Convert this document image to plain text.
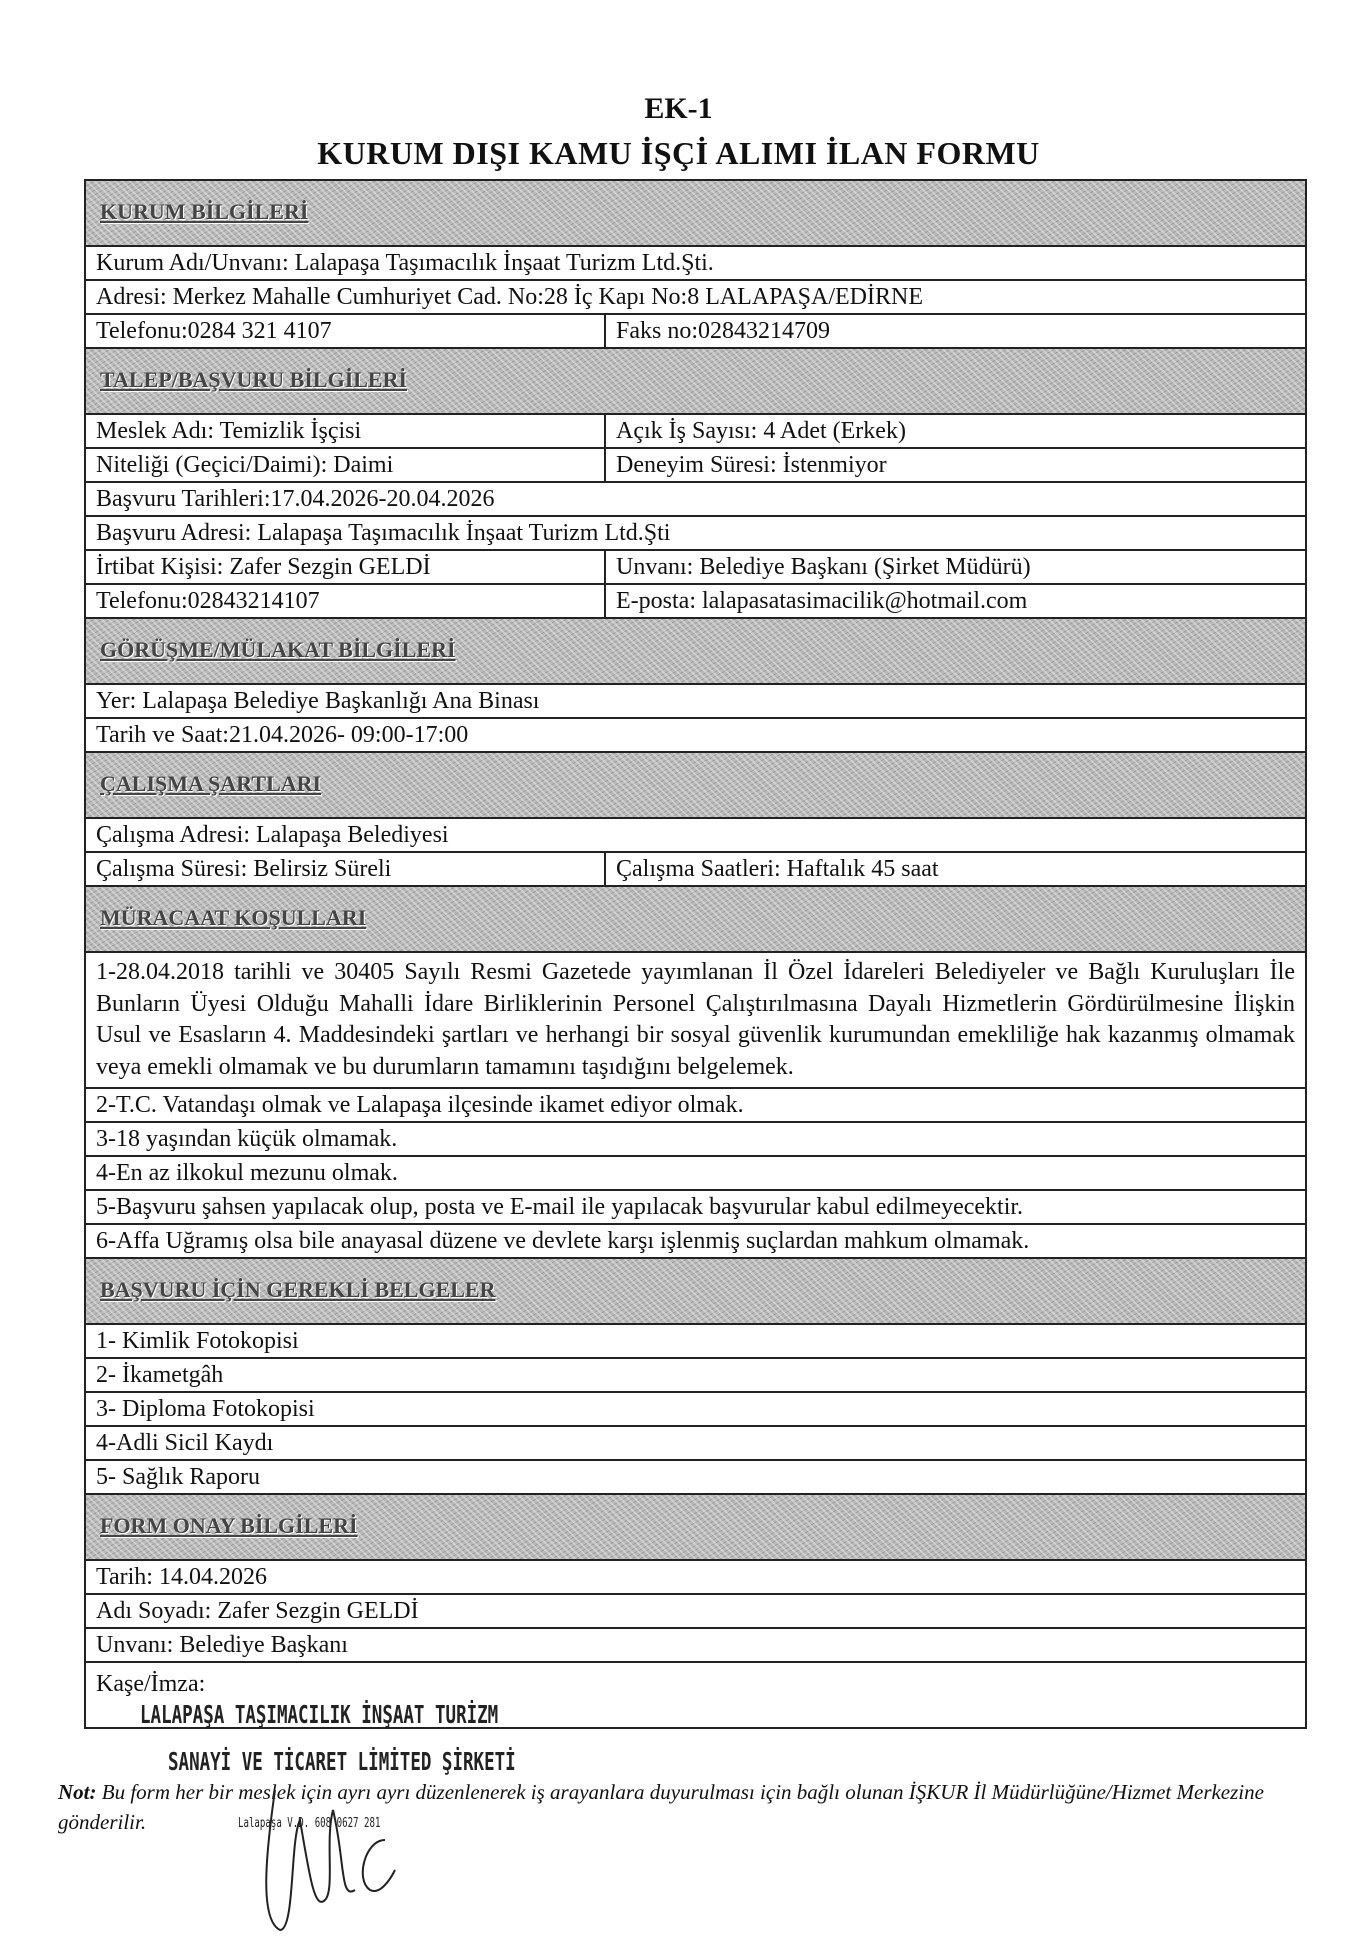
EK-1
KURUM DIŞI KAMU İŞÇİ ALIMI İLAN FORMU
KURUM BİLGİLERİ
Kurum Adı/Unvanı: Lalapaşa Taşımacılık İnşaat Turizm Ltd.Şti.
Adresi: Merkez Mahalle Cumhuriyet Cad. No:28 İç Kapı No:8 LALAPAŞA/EDİRNE
Telefonu:0284 321 4107	Faks no:02843214709
TALEP/BAŞVURU BİLGİLERİ
Meslek Adı: Temizlik İşçisi	Açık İş Sayısı: 4 Adet (Erkek)
Niteliği (Geçici/Daimi): Daimi	Deneyim Süresi: İstenmiyor
Başvuru Tarihleri:17.04.2026-20.04.2026
Başvuru Adresi: Lalapaşa Taşımacılık İnşaat Turizm Ltd.Şti
İrtibat Kişisi: Zafer Sezgin GELDİ	Unvanı: Belediye Başkanı (Şirket Müdürü)
Telefonu:02843214107	E-posta: lalapasatasimacilik@hotmail.com
GÖRÜŞME/MÜLAKAT BİLGİLERİ
Yer: Lalapaşa Belediye Başkanlığı Ana Binası
Tarih ve Saat:21.04.2026- 09:00-17:00
ÇALIŞMA ŞARTLARI
Çalışma Adresi: Lalapaşa Belediyesi
Çalışma Süresi: Belirsiz Süreli	Çalışma Saatleri: Haftalık 45 saat
MÜRACAAT KOŞULLARI
1-28.04.2018 tarihli ve 30405 Sayılı Resmi Gazetede yayımlanan İl Özel İdareleri Belediyeler ve Bağlı Kuruluşları İle Bunların Üyesi Olduğu Mahalli İdare Birliklerinin Personel Çalıştırılmasına Dayalı Hizmetlerin Gördürülmesine İlişkin Usul ve Esasların 4. Maddesindeki şartları ve herhangi bir sosyal güvenlik kurumundan emekliliğe hak kazanmış olmamak veya emekli olmamak ve bu durumların tamamını taşıdığını belgelemek.
2-T.C. Vatandaşı olmak ve Lalapaşa ilçesinde ikamet ediyor olmak.
3-18 yaşından küçük olmamak.
4-En az ilkokul mezunu olmak.
5-Başvuru şahsen yapılacak olup, posta ve E-mail ile yapılacak başvurular kabul edilmeyecektir.
6-Affa Uğramış olsa bile anayasal düzene ve devlete karşı işlenmiş suçlardan mahkum olmamak.
BAŞVURU İÇİN GEREKLİ BELGELER
1- Kimlik Fotokopisi
2- İkametgâh
3- Diploma Fotokopisi
4-Adli Sicil Kaydı
5- Sağlık Raporu
FORM ONAY BİLGİLERİ
Tarih: 14.04.2026
Adı Soyadı: Zafer Sezgin GELDİ
Unvanı: Belediye Başkanı
Kaşe/İmza:
LALAPAŞA TAŞIMACILIK İNŞAAT TURİZM
SANAYİ VE TİCARET LİMİTED ŞİRKETİ
Lalapaşa V.D. 608 0627 281
Not: Bu form her bir meslek için ayrı ayrı düzenlenerek iş arayanlara duyurulması için bağlı olunan İŞKUR İl Müdürlüğüne/Hizmet Merkezine gönderilir.
